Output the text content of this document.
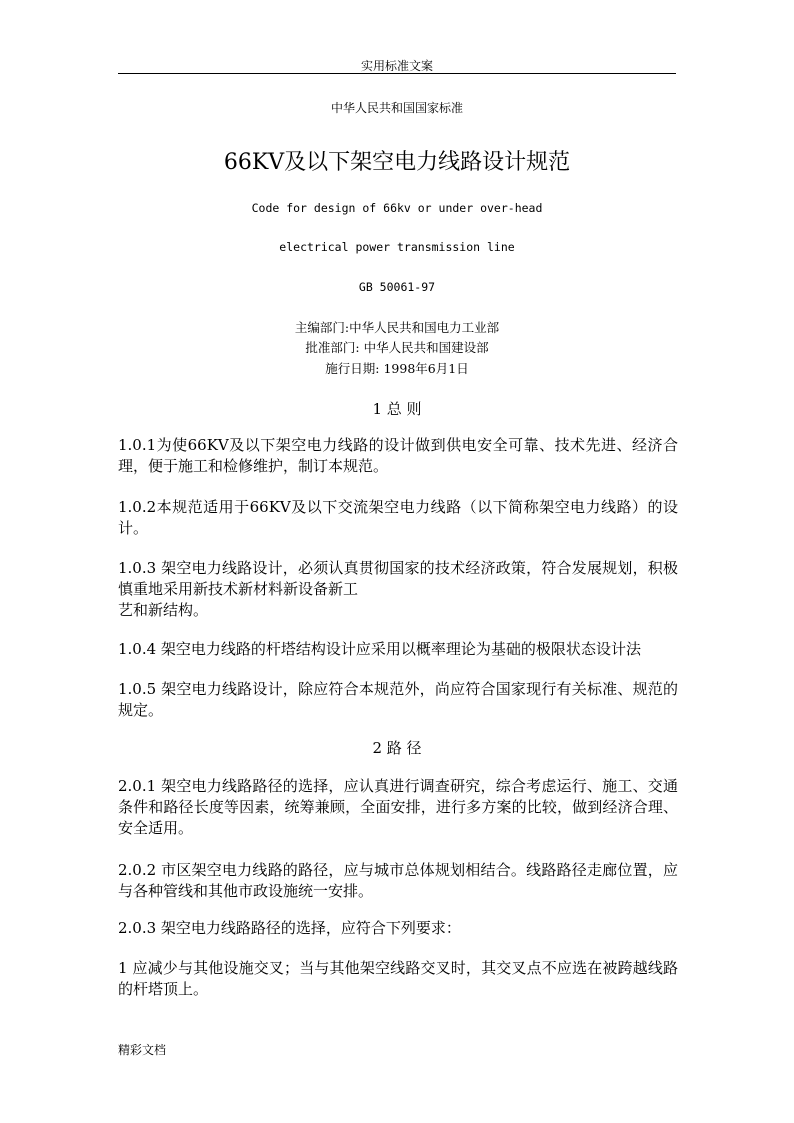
实用标准文案
中华人民共和国国家标准
66KV及以下架空电力线路设计规范
Code for design of 66kv or under over-head
electrical power transmission line
GB 50061-97
主编部门:中华人民共和国电力工业部
批准部门: 中华人民共和国建设部
施行日期: 1998年6月1日
1 总 则
1.0.1为使66KV及以下架空电力线路的设计做到供电安全可靠、技术先进、经济合理，便于施工和检修维护，制订本规范。
1.0.2本规范适用于66KV及以下交流架空电力线路（以下简称架空电力线路）的设计。
1.0.3 架空电力线路设计，必须认真贯彻国家的技术经济政策，符合发展规划，积极慎重地采用新技术新材料新设备新工
艺和新结构。
1.0.4 架空电力线路的杆塔结构设计应采用以概率理论为基础的极限状态设计法
1.0.5 架空电力线路设计，除应符合本规范外，尚应符合国家现行有关标准、规范的规定。
2 路 径
2.0.1 架空电力线路路径的选择，应认真进行调查研究，综合考虑运行、施工、交通条件和路径长度等因素，统筹兼顾，全面安排，进行多方案的比较，做到经济合理、安全适用。
2.0.2 市区架空电力线路的路径，应与城市总体规划相结合。线路路径走廊位置，应与各种管线和其他市政设施统一安排。
2.0.3 架空电力线路路径的选择，应符合下列要求：
1 应减少与其他设施交叉；当与其他架空线路交叉时，其交叉点不应选在被跨越线路的杆塔顶上。
精彩文档
